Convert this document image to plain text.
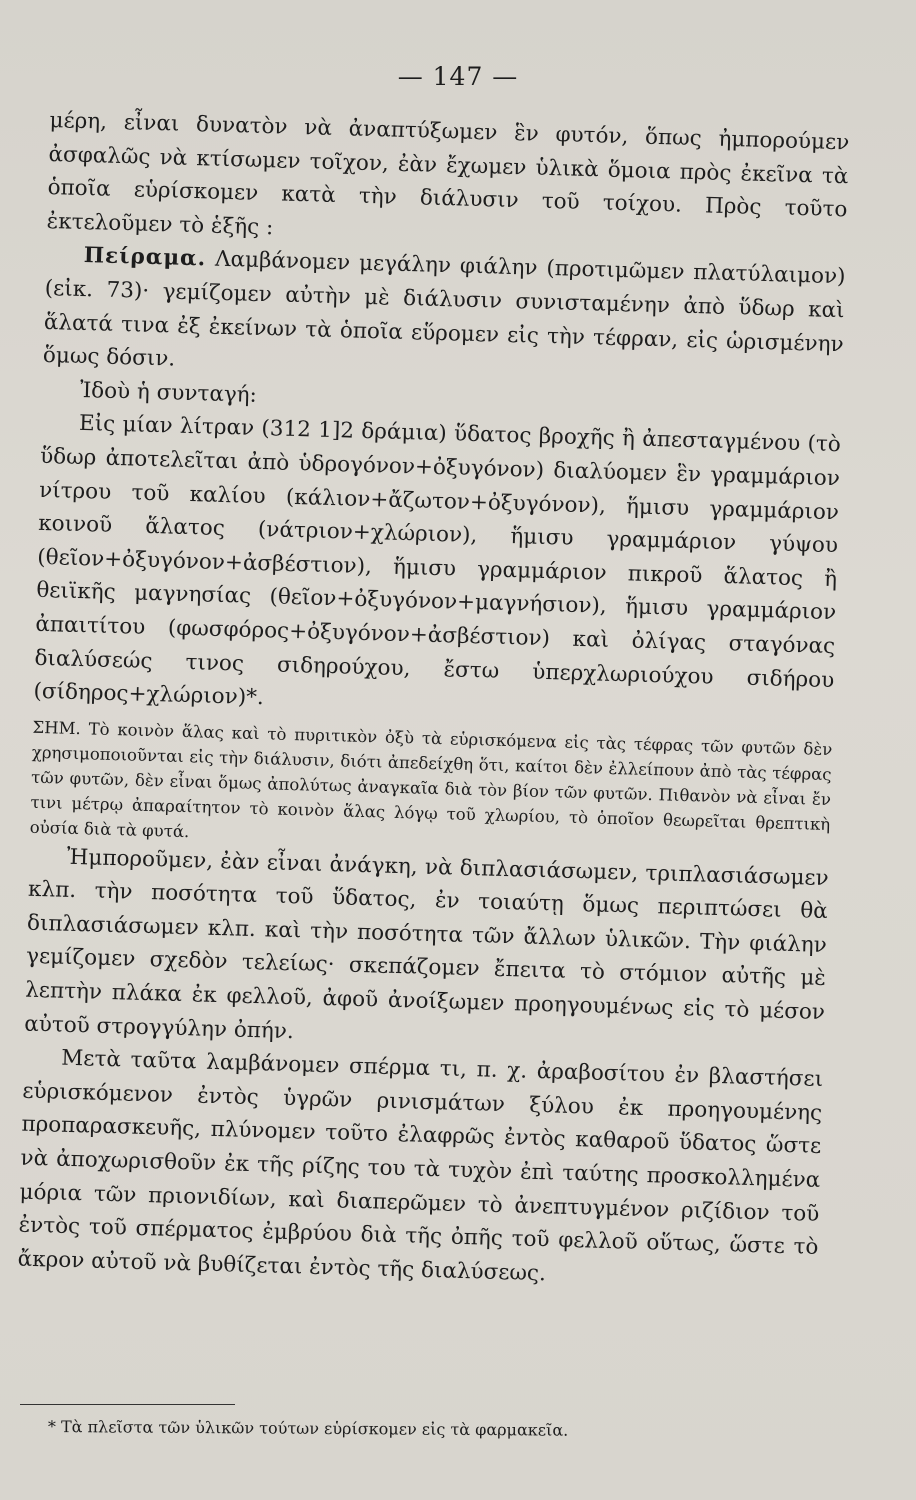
— 147 —

μέρη, εἶναι δυνατὸν νὰ ἀναπτύξωμεν ἓν φυτόν, ὅπως ἠμπορούμεν ἀσφαλῶς νὰ κτίσωμεν τοῖχον, ἐὰν ἔχωμεν ὑλικὰ ὅμοια πρὸς ἐκεῖνα τὰ ὁποῖα εὑρίσκομεν κατὰ τὴν διάλυσιν τοῦ τοίχου. Πρὸς τοῦτο ἐκτελοῦμεν τὸ ἑξῆς :

Πείραμα. Λαμβάνομεν μεγάλην φιάλην (προτιμῶμεν πλατύλαιμον) (εἰκ. 73)· γεμίζομεν αὐτὴν μὲ διάλυσιν συνισταμένην ἀπὸ ὕδωρ καὶ ἅλατά τινα ἐξ ἐκείνων τὰ ὁποῖα εὕρομεν εἰς τὴν τέφραν, εἰς ὡρισμένην ὅμως δόσιν.

Ἰδοὺ ἡ συνταγή:

Εἰς μίαν λίτραν (312 1]2 δράμια) ὕδατος βροχῆς ἢ ἀπεσταγμένου (τὸ ὕδωρ ἀποτελεῖται ἀπὸ ὑδρογόνον+ὀξυγόνον) διαλύομεν ἓν γραμμάριον νίτρου τοῦ καλίου (κάλιον+ἄζωτον+ὀξυγόνον), ἥμισυ γραμμάριον κοινοῦ ἅλατος (νάτριον+χλώριον), ἥμισυ γραμμάριον γύψου (θεῖον+ὀξυγόνον+ἀσβέστιον), ἥμισυ γραμμάριον πικροῦ ἅλατος ἢ θειϊκῆς μαγνησίας (θεῖον+ὀξυγόνον+μαγνήσιον), ἥμισυ γραμμάριον ἀπαιτίτου (φωσφόρος+ὀξυγόνον+ἀσβέστιον) καὶ ὀλίγας σταγόνας διαλύσεώς τινος σιδηρούχου, ἔστω ὑπερχλωριούχου σιδήρου (σίδηρος+χλώριον)*.

ΣΗΜ. Τὸ κοινὸν ἅλας καὶ τὸ πυριτικὸν ὀξὺ τὰ εὑρισκόμενα εἰς τὰς τέφρας τῶν φυτῶν δὲν χρησιμοποιοῦνται εἰς τὴν διάλυσιν, διότι ἀπεδείχθη ὅτι, καίτοι δὲν ἐλλείπουν ἀπὸ τὰς τέφρας τῶν φυτῶν, δὲν εἶναι ὅμως ἀπολύτως ἀναγκαῖα διὰ τὸν βίον τῶν φυτῶν. Πιθανὸν νὰ εἶναι ἔν τινι μέτρῳ ἀπαραίτητον τὸ κοινὸν ἅλας λόγῳ τοῦ χλωρίου, τὸ ὁποῖον θεωρεῖται θρεπτικὴ οὐσία διὰ τὰ φυτά.

Ἠμποροῦμεν, ἐὰν εἶναι ἀνάγκη, νὰ διπλασιάσωμεν, τριπλασιάσωμεν κλπ. τὴν ποσότητα τοῦ ὕδατος, ἐν τοιαύτῃ ὅμως περιπτώσει θὰ διπλασιάσωμεν κλπ. καὶ τὴν ποσότητα τῶν ἄλλων ὑλικῶν. Τὴν φιάλην γεμίζομεν σχεδὸν τελείως· σκεπάζομεν ἔπειτα τὸ στόμιον αὐτῆς μὲ λεπτὴν πλάκα ἐκ φελλοῦ, ἀφοῦ ἀνοίξωμεν προηγουμένως εἰς τὸ μέσον αὐτοῦ στρογγύλην ὀπήν.

Μετὰ ταῦτα λαμβάνομεν σπέρμα τι, π. χ. ἀραβοσίτου ἐν βλαστήσει εὑρισκόμενον ἐντὸς ὑγρῶν ρινισμάτων ξύλου ἐκ προηγουμένης προπαρασκευῆς, πλύνομεν τοῦτο ἐλαφρῶς ἐντὸς καθαροῦ ὕδατος ὥστε νὰ ἀποχωρισθοῦν ἐκ τῆς ρίζης του τὰ τυχὸν ἐπὶ ταύτης προσκολλημένα μόρια τῶν πριονιδίων, καὶ διαπερῶμεν τὸ ἀνεπτυγμένον ριζίδιον τοῦ ἐντὸς τοῦ σπέρματος ἐμβρύου διὰ τῆς ὀπῆς τοῦ φελλοῦ οὕτως, ὥστε τὸ ἄκρον αὐτοῦ νὰ βυθίζεται ἐντὸς τῆς διαλύσεως.

* Τὰ πλεῖστα τῶν ὑλικῶν τούτων εὑρίσκομεν εἰς τὰ φαρμακεῖα.
